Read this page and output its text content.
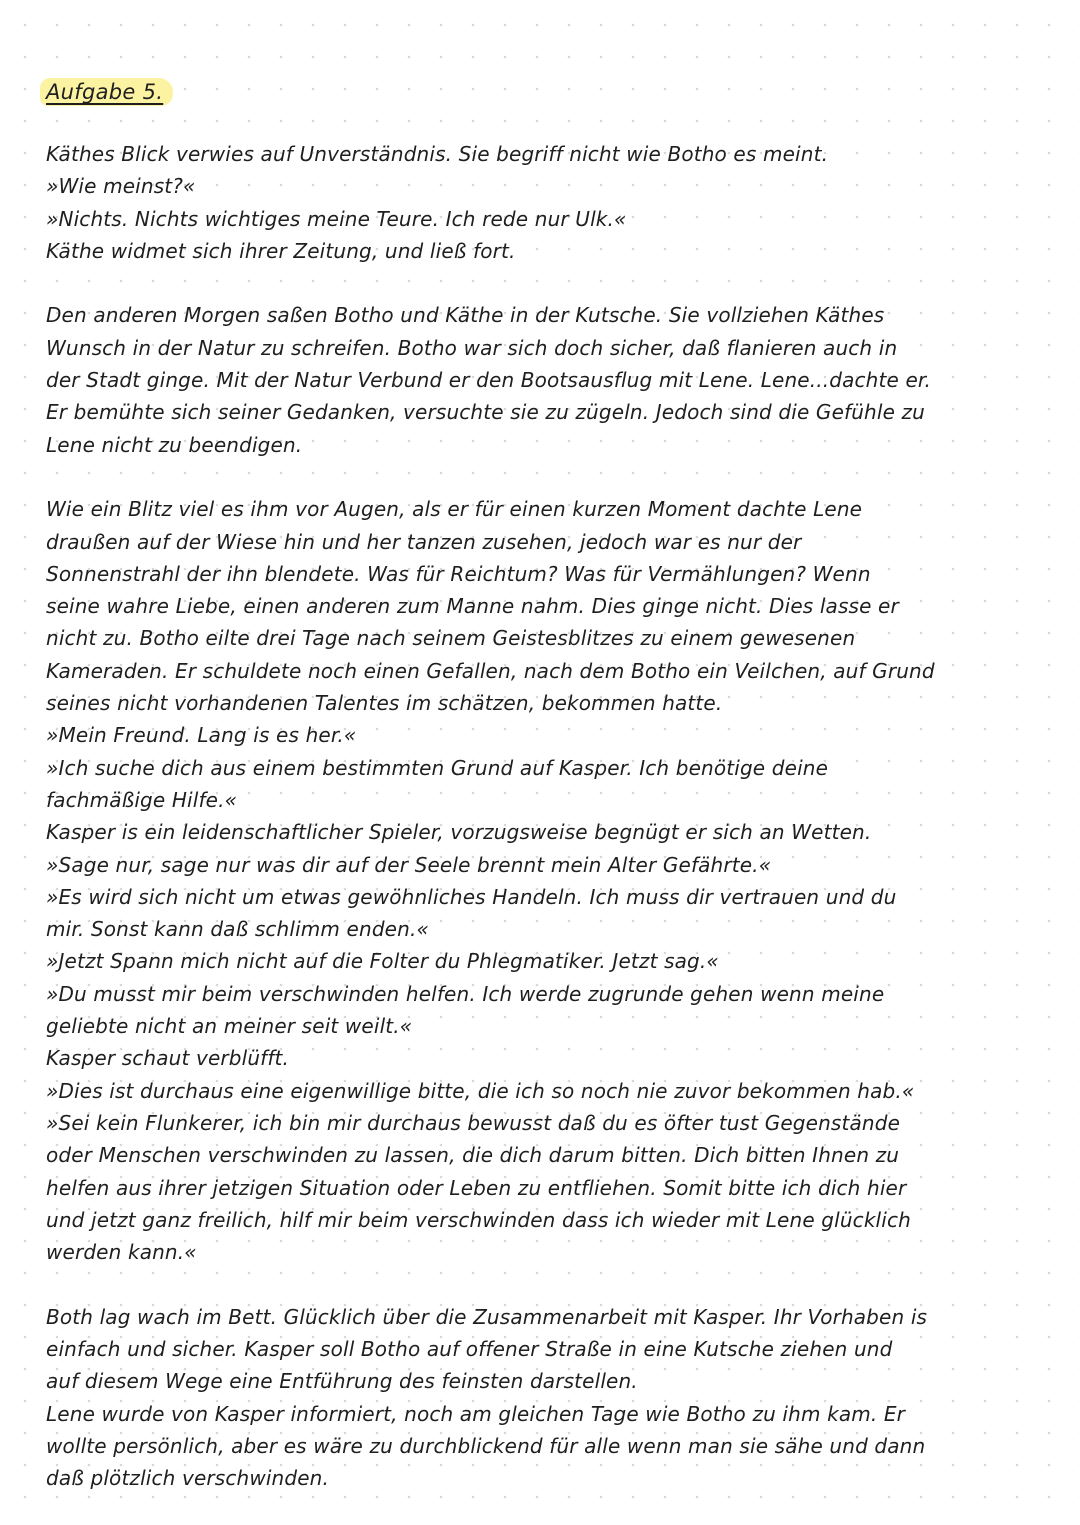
Aufgabe 5.
Käthes Blick verwies auf Unverständnis. Sie begriff nicht wie Botho es meint.
»Wie meinst?«
»Nichts. Nichts wichtiges meine Teure. Ich rede nur Ulk.«
Käthe widmet sich ihrer Zeitung, und ließ fort.
Den anderen Morgen saßen Botho und Käthe in der Kutsche. Sie vollziehen Käthes
Wunsch in der Natur zu schreifen. Botho war sich doch sicher, daß flanieren auch in
der Stadt ginge. Mit der Natur Verbund er den Bootsausflug mit Lene. Lene...dachte er.
Er bemühte sich seiner Gedanken, versuchte sie zu zügeln. Jedoch sind die Gefühle zu
Lene nicht zu beendigen.
Wie ein Blitz viel es ihm vor Augen, als er für einen kurzen Moment dachte Lene
draußen auf der Wiese hin und her tanzen zusehen, jedoch war es nur der
Sonnenstrahl der ihn blendete. Was für Reichtum? Was für Vermählungen? Wenn
seine wahre Liebe, einen anderen zum Manne nahm. Dies ginge nicht. Dies lasse er
nicht zu. Botho eilte drei Tage nach seinem Geistesblitzes zu einem gewesenen
Kameraden. Er schuldete noch einen Gefallen, nach dem Botho ein Veilchen, auf Grund
seines nicht vorhandenen Talentes im schätzen, bekommen hatte.
»Mein Freund. Lang is es her.«
»Ich suche dich aus einem bestimmten Grund auf Kasper. Ich benötige deine
fachmäßige Hilfe.«
Kasper is ein leidenschaftlicher Spieler, vorzugsweise begnügt er sich an Wetten.
»Sage nur, sage nur was dir auf der Seele brennt mein Alter Gefährte.«
»Es wird sich nicht um etwas gewöhnliches Handeln. Ich muss dir vertrauen und du
mir. Sonst kann daß schlimm enden.«
»Jetzt Spann mich nicht auf die Folter du Phlegmatiker. Jetzt sag.«
»Du musst mir beim verschwinden helfen. Ich werde zugrunde gehen wenn meine
geliebte nicht an meiner seit weilt.«
Kasper schaut verblüfft.
»Dies ist durchaus eine eigenwillige bitte, die ich so noch nie zuvor bekommen hab.«
»Sei kein Flunkerer, ich bin mir durchaus bewusst daß du es öfter tust Gegenstände
oder Menschen verschwinden zu lassen, die dich darum bitten. Dich bitten Ihnen zu
helfen aus ihrer jetzigen Situation oder Leben zu entfliehen. Somit bitte ich dich hier
und jetzt ganz freilich, hilf mir beim verschwinden dass ich wieder mit Lene glücklich
werden kann.«
Both lag wach im Bett. Glücklich über die Zusammenarbeit mit Kasper. Ihr Vorhaben is
einfach und sicher. Kasper soll Botho auf offener Straße in eine Kutsche ziehen und
auf diesem Wege eine Entführung des feinsten darstellen.
Lene wurde von Kasper informiert, noch am gleichen Tage wie Botho zu ihm kam. Er
wollte persönlich, aber es wäre zu durchblickend für alle wenn man sie sähe und dann
daß plötzlich verschwinden.
